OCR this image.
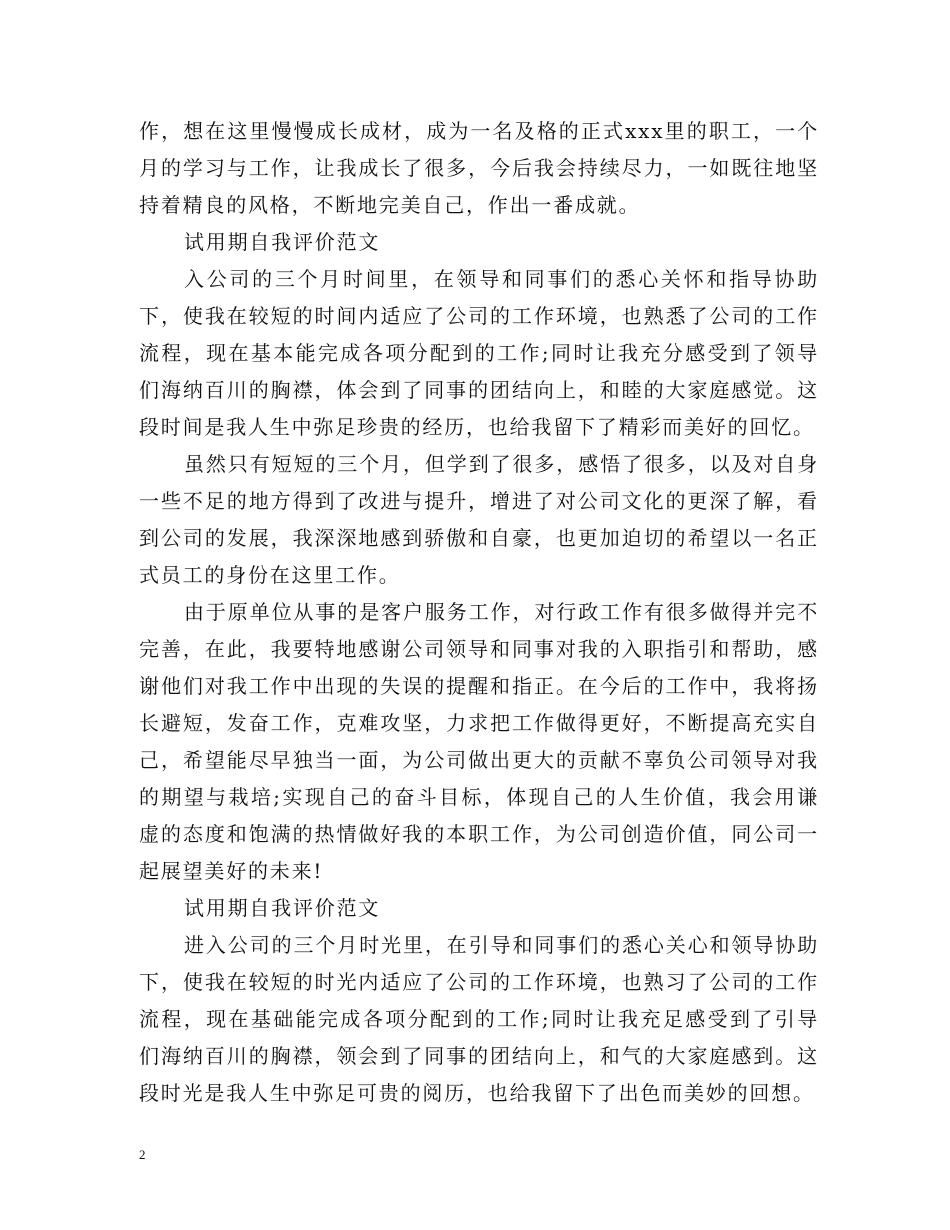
作，想在这里慢慢成长成材，成为一名及格的正式xxx里的职工，一个月的学习与工作，让我成长了很多，今后我会持续尽力，一如既往地坚持着精良的风格，不断地完美自己，作出一番成就。

试用期自我评价范文

入公司的三个月时间里，在领导和同事们的悉心关怀和指导协助下，使我在较短的时间内适应了公司的工作环境，也熟悉了公司的工作流程，现在基本能完成各项分配到的工作;同时让我充分感受到了领导们海纳百川的胸襟，体会到了同事的团结向上，和睦的大家庭感觉。这段时间是我人生中弥足珍贵的经历，也给我留下了精彩而美好的回忆。

虽然只有短短的三个月，但学到了很多，感悟了很多，以及对自身一些不足的地方得到了改进与提升，增进了对公司文化的更深了解，看到公司的发展，我深深地感到骄傲和自豪，也更加迫切的希望以一名正式员工的身份在这里工作。

由于原单位从事的是客户服务工作，对行政工作有很多做得并完不完善，在此，我要特地感谢公司领导和同事对我的入职指引和帮助，感谢他们对我工作中出现的失误的提醒和指正。在今后的工作中，我将扬长避短，发奋工作，克难攻坚，力求把工作做得更好，不断提高充实自己，希望能尽早独当一面，为公司做出更大的贡献不辜负公司领导对我的期望与栽培;实现自己的奋斗目标，体现自己的人生价值，我会用谦虚的态度和饱满的热情做好我的本职工作，为公司创造价值，同公司一起展望美好的未来!

试用期自我评价范文

进入公司的三个月时光里，在引导和同事们的悉心关心和领导协助下，使我在较短的时光内适应了公司的工作环境，也熟习了公司的工作流程，现在基础能完成各项分配到的工作;同时让我充足感受到了引导们海纳百川的胸襟，领会到了同事的团结向上，和气的大家庭感到。这段时光是我人生中弥足可贵的阅历，也给我留下了出色而美妙的回想。

2
